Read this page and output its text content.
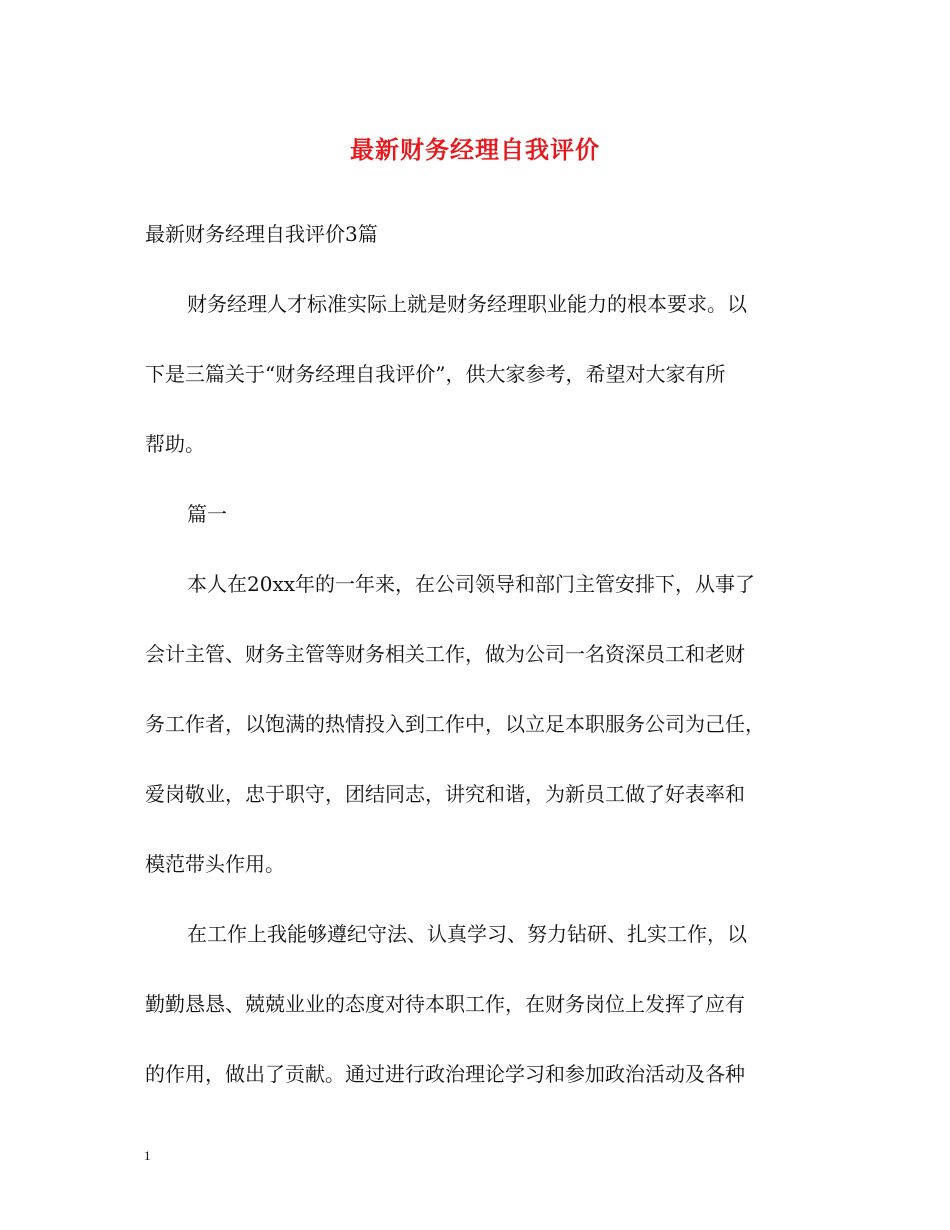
最新财务经理自我评价
最新财务经理自我评价3篇
财务经理人才标准实际上就是财务经理职业能力的根本要求。以
下是三篇关于“财务经理自我评价”，供大家参考，希望对大家有所
帮助。
篇一
本人在20xx年的一年来，在公司领导和部门主管安排下，从事了
会计主管、财务主管等财务相关工作，做为公司一名资深员工和老财
务工作者，以饱满的热情投入到工作中，以立足本职服务公司为己任，
爱岗敬业，忠于职守，团结同志，讲究和谐，为新员工做了好表率和
模范带头作用。
在工作上我能够遵纪守法、认真学习、努力钻研、扎实工作，以
勤勤恳恳、兢兢业业的态度对待本职工作，在财务岗位上发挥了应有
的作用，做出了贡献。通过进行政治理论学习和参加政治活动及各种
1
